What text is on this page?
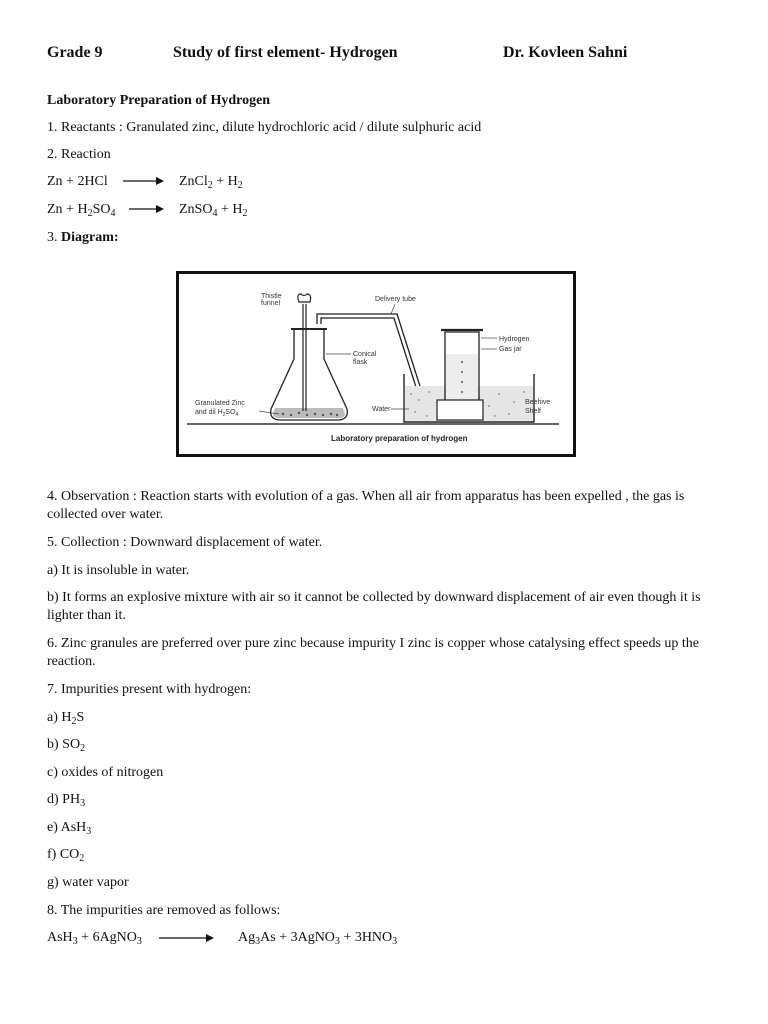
Grade 9	Study of first element- Hydrogen	Dr. Kovleen Sahni
Laboratory Preparation of Hydrogen
1. Reactants : Granulated zinc, dilute hydrochloric acid / dilute sulphuric acid
2. Reaction
Zn + 2HCl → ZnCl$_2$ + $H_2$
$Zn + H_2SO_4$ → ZnSO$_4$ + $H_2$
3. Diagram:
Thistle
funnel
Delivery tube
Hydrogen
Gas jar
Conical
flask
Granulated Zinc
and dil $H_2SO_4$
Water
Beehive
Shelf
Laboratory preparation of hydrogen
4. Observation : Reaction starts with evolution of a gas. When all air from apparatus has been expelled , the gas is collected over water.
5. Collection : Downward displacement of water.
a) It is insoluble in water.
b) It forms an explosive mixture with air so it cannot be collected by downward displacement of air even though it is lighter than it.
6. Zinc granules are preferred over pure zinc because impurity I zinc is copper whose catalysing effect speeds up the reaction.
7. Impurities present with hydrogen:
a) $H_2S$
b) $SO_2$
c) oxides of nitrogen
d) $PH_3$
e) AsH$_3$
f) $CO_2$
g) water vapor
8. The impurities are removed as follows:
AsH$_3$ + 6AgNO$_3$ → $Ag_3As$ + 3AgNO$_3$ + $3HNO_3$
